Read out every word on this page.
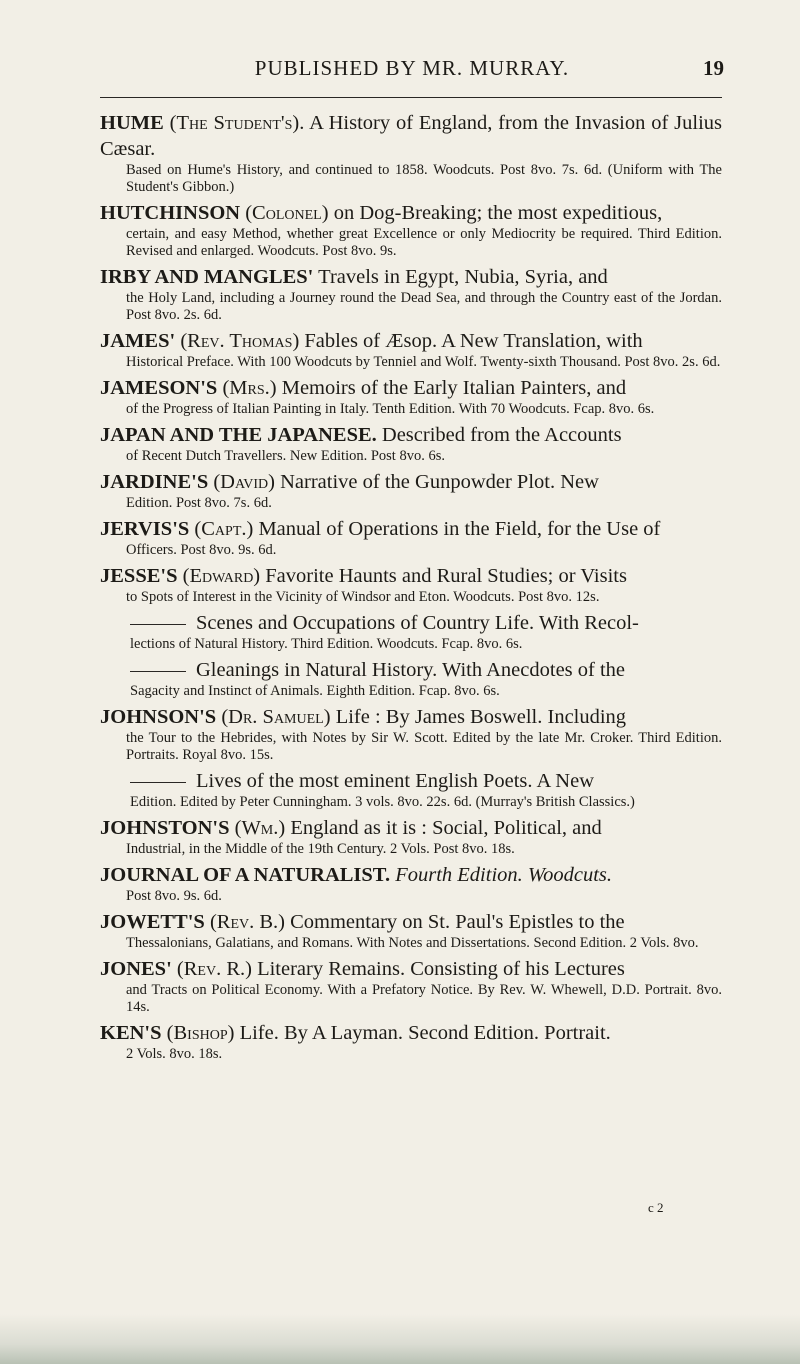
PUBLISHED BY MR. MURRAY.	19
HUME (The Student's). A History of England, from the Invasion of Julius Cæsar.
Based on Hume's History, and continued to 1858. Woodcuts. Post 8vo. 7s. 6d. (Uniform with The Student's Gibbon.)
HUTCHINSON (Colonel) on Dog-Breaking; the most expeditious,
certain, and easy Method, whether great Excellence or only Mediocrity be required. Third Edition. Revised and enlarged. Woodcuts. Post 8vo. 9s.
IRBY AND MANGLES' Travels in Egypt, Nubia, Syria, and
the Holy Land, including a Journey round the Dead Sea, and through the Country east of the Jordan. Post 8vo. 2s. 6d.
JAMES' (Rev. Thomas) Fables of Æsop. A New Translation, with
Historical Preface. With 100 Woodcuts by Tenniel and Wolf. Twenty-sixth Thousand. Post 8vo. 2s. 6d.
JAMESON'S (Mrs.) Memoirs of the Early Italian Painters, and
of the Progress of Italian Painting in Italy. Tenth Edition. With 70 Woodcuts. Fcap. 8vo. 6s.
JAPAN AND THE JAPANESE. Described from the Accounts
of Recent Dutch Travellers. New Edition. Post 8vo. 6s.
JARDINE'S (David) Narrative of the Gunpowder Plot. New
Edition. Post 8vo. 7s. 6d.
JERVIS'S (Capt.) Manual of Operations in the Field, for the Use of
Officers. Post 8vo. 9s. 6d.
JESSE'S (Edward) Favorite Haunts and Rural Studies; or Visits
to Spots of Interest in the Vicinity of Windsor and Eton. Woodcuts. Post 8vo. 12s.
Scenes and Occupations of Country Life. With Recol-
lections of Natural History. Third Edition. Woodcuts. Fcap. 8vo. 6s.
Gleanings in Natural History. With Anecdotes of the
Sagacity and Instinct of Animals. Eighth Edition. Fcap. 8vo. 6s.
JOHNSON'S (Dr. Samuel) Life : By James Boswell. Including
the Tour to the Hebrides, with Notes by Sir W. Scott. Edited by the late Mr. Croker. Third Edition. Portraits. Royal 8vo. 15s.
Lives of the most eminent English Poets. A New
Edition. Edited by Peter Cunningham. 3 vols. 8vo. 22s. 6d. (Murray's British Classics.)
JOHNSTON'S (Wm.) England as it is : Social, Political, and
Industrial, in the Middle of the 19th Century. 2 Vols. Post 8vo. 18s.
JOURNAL OF A NATURALIST. Fourth Edition. Woodcuts.
Post 8vo. 9s. 6d.
JOWETT'S (Rev. B.) Commentary on St. Paul's Epistles to the
Thessalonians, Galatians, and Romans. With Notes and Dissertations. Second Edition. 2 Vols. 8vo.
JONES' (Rev. R.) Literary Remains. Consisting of his Lectures
and Tracts on Political Economy. With a Prefatory Notice. By Rev. W. Whewell, D.D. Portrait. 8vo. 14s.
KEN'S (Bishop) Life. By A Layman. Second Edition. Portrait.
2 Vols. 8vo. 18s.
c 2
